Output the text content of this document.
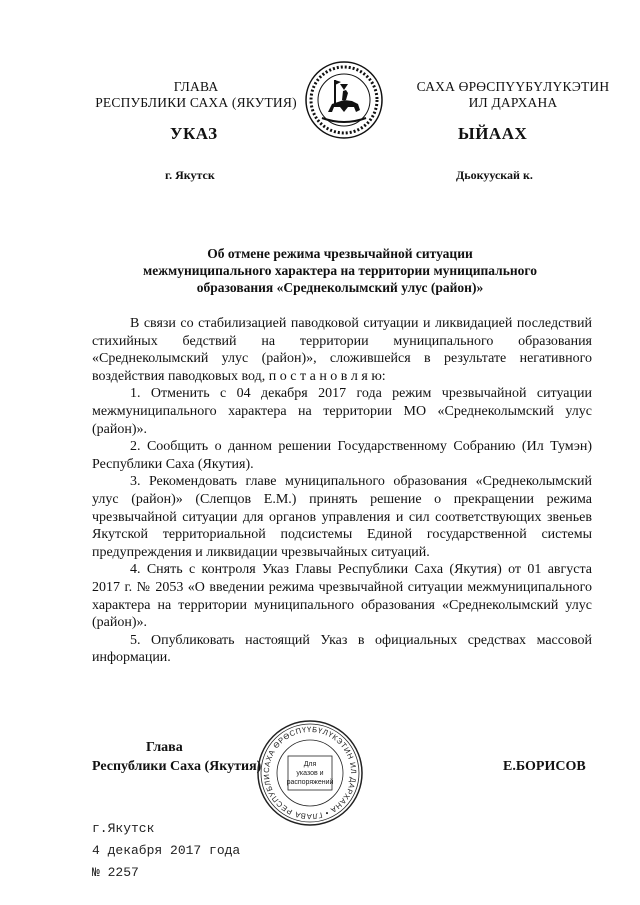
ГЛАВА
РЕСПУБЛИКИ САХА (ЯКУТИЯ)
САХА ӨРӨСПҮҮБҮЛҮКЭТИН
ИЛ ДАРХАНА
УКАЗ	ЫЙААХ
г. Якутск	Дьокуускай к.
Об отмене режима чрезвычайной ситуации
межмуниципального характера на территории муниципального
образования «Среднеколымский улус (район)»

В связи со стабилизацией паводковой ситуации и ликвидацией последствий стихийных бедствий на территории муниципального образования «Среднеколымский улус (район)», сложившейся в результате негативного воздействия паводковых вод, п о с т а н о в л я ю:

1. Отменить с 04 декабря 2017 года режим чрезвычайной ситуации межмуниципального характера на территории МО «Среднеколымский улус (район)».

2. Сообщить о данном решении Государственному Собранию (Ил Тумэн) Республики Саха (Якутия).

3. Рекомендовать главе муниципального образования «Среднеколымский улус (район)» (Слепцов Е.М.) принять решение о прекращении режима чрезвычайной ситуации для органов управления и сил соответствующих звеньев Якутской территориальной подсистемы Единой государственной системы предупреждения и ликвидации чрезвычайных ситуаций.

4. Снять с контроля Указ Главы Республики Саха (Якутия) от 01 августа 2017 г. № 2053 «О введении режима чрезвычайной ситуации межмуниципального характера на территории муниципального образования «Среднеколымский улус (район)».

5. Опубликовать настоящий Указ в официальных средствах массовой информации.

Глава
Республики Саха (Якутия)	Е.БОРИСОВ
САХА ӨРӨСПҮҮБҮЛҮКЭТИН ИЛ ДАРХАНА • ГЛАВА РЕСПУБЛИ
Для
указов и
распоряжений
г.Якутск
4 декабря 2017 года
№ 2257
